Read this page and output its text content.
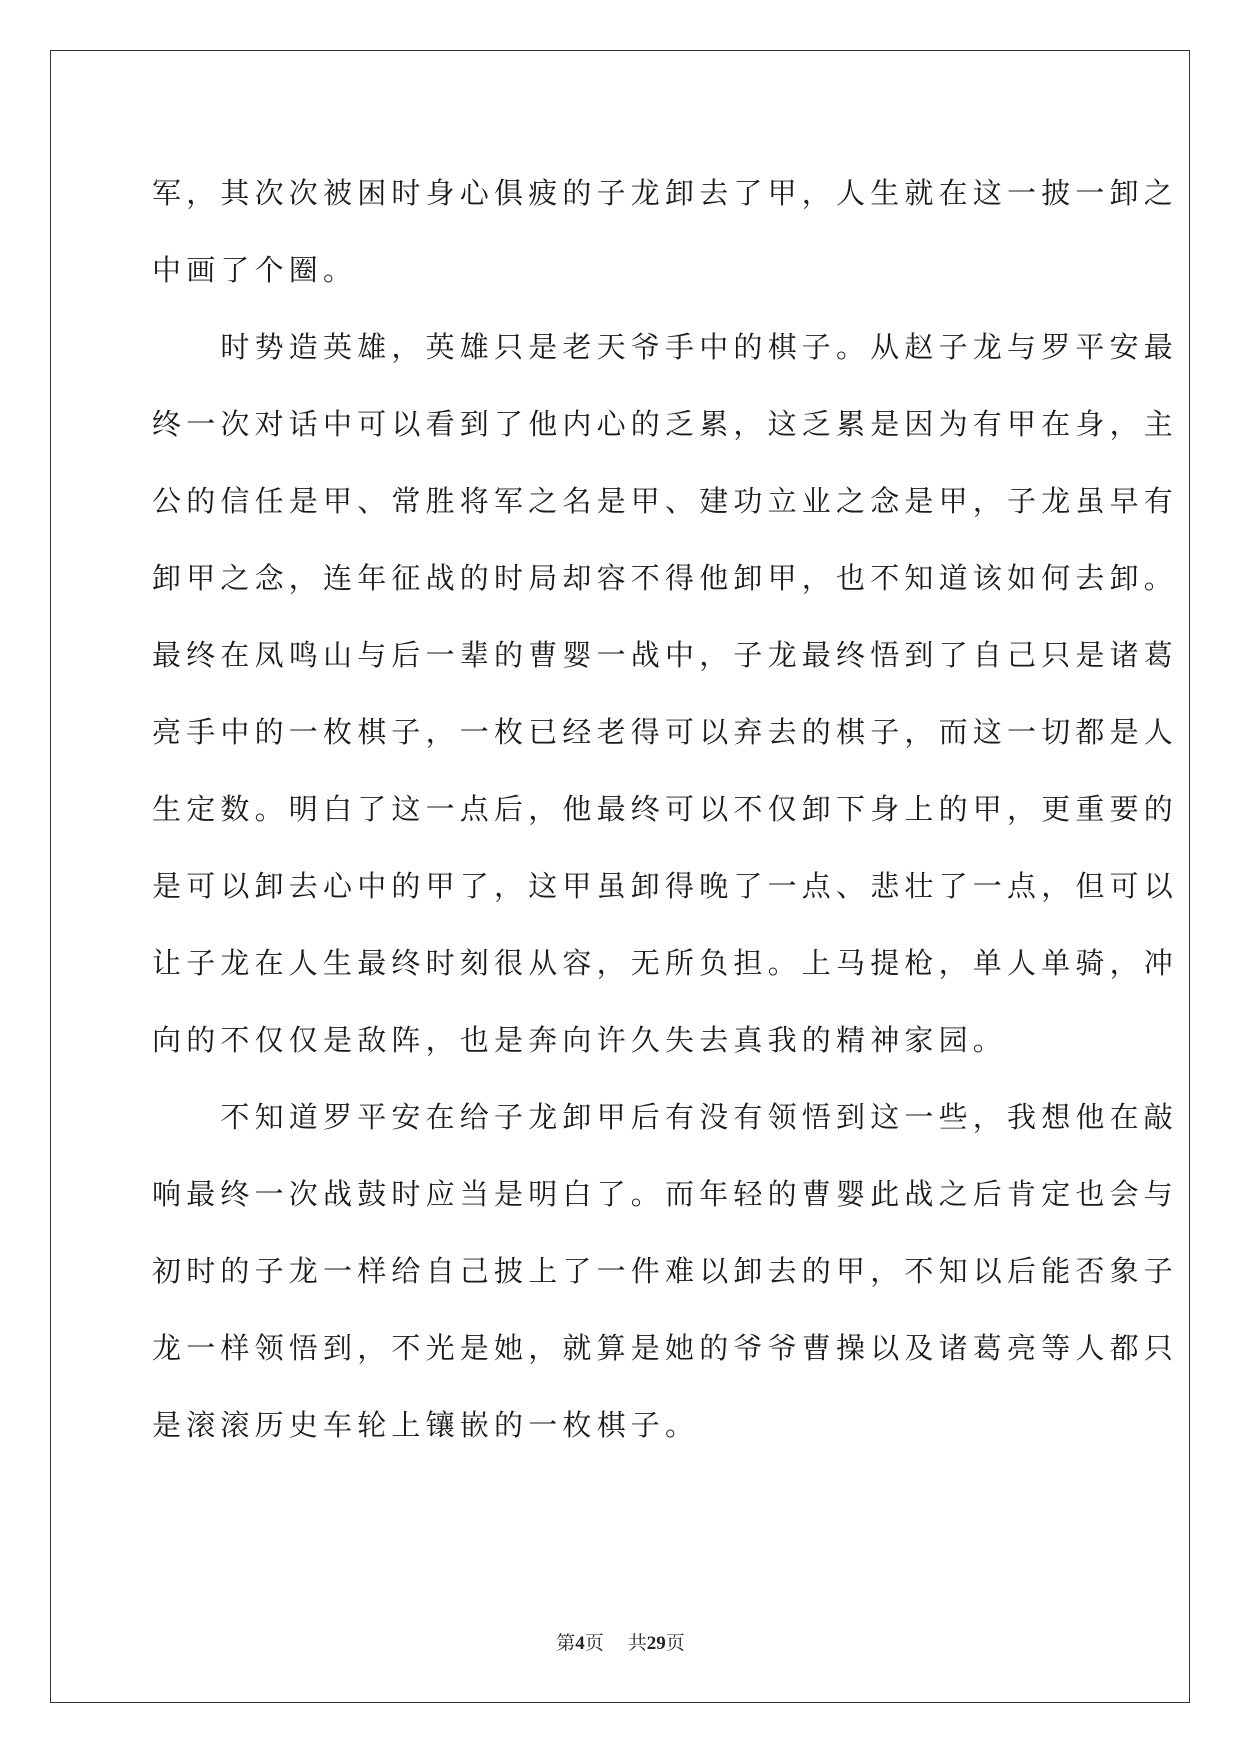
军，其次次被困时身心俱疲的子龙卸去了甲，人生就在这一披一卸之
中画了个圈。
　　时势造英雄，英雄只是老天爷手中的棋子。从赵子龙与罗平安最
终一次对话中可以看到了他内心的乏累，这乏累是因为有甲在身，主
公的信任是甲、常胜将军之名是甲、建功立业之念是甲，子龙虽早有
卸甲之念，连年征战的时局却容不得他卸甲，也不知道该如何去卸。
最终在凤鸣山与后一辈的曹婴一战中，子龙最终悟到了自己只是诸葛
亮手中的一枚棋子，一枚已经老得可以弃去的棋子，而这一切都是人
生定数。明白了这一点后，他最终可以不仅卸下身上的甲，更重要的
是可以卸去心中的甲了，这甲虽卸得晚了一点、悲壮了一点，但可以
让子龙在人生最终时刻很从容，无所负担。上马提枪，单人单骑，冲
向的不仅仅是敌阵，也是奔向许久失去真我的精神家园。
　　不知道罗平安在给子龙卸甲后有没有领悟到这一些，我想他在敲
响最终一次战鼓时应当是明白了。而年轻的曹婴此战之后肯定也会与
初时的子龙一样给自己披上了一件难以卸去的甲，不知以后能否象子
龙一样领悟到，不光是她，就算是她的爷爷曹操以及诸葛亮等人都只
是滚滚历史车轮上镶嵌的一枚棋子。
第4页 共29页
